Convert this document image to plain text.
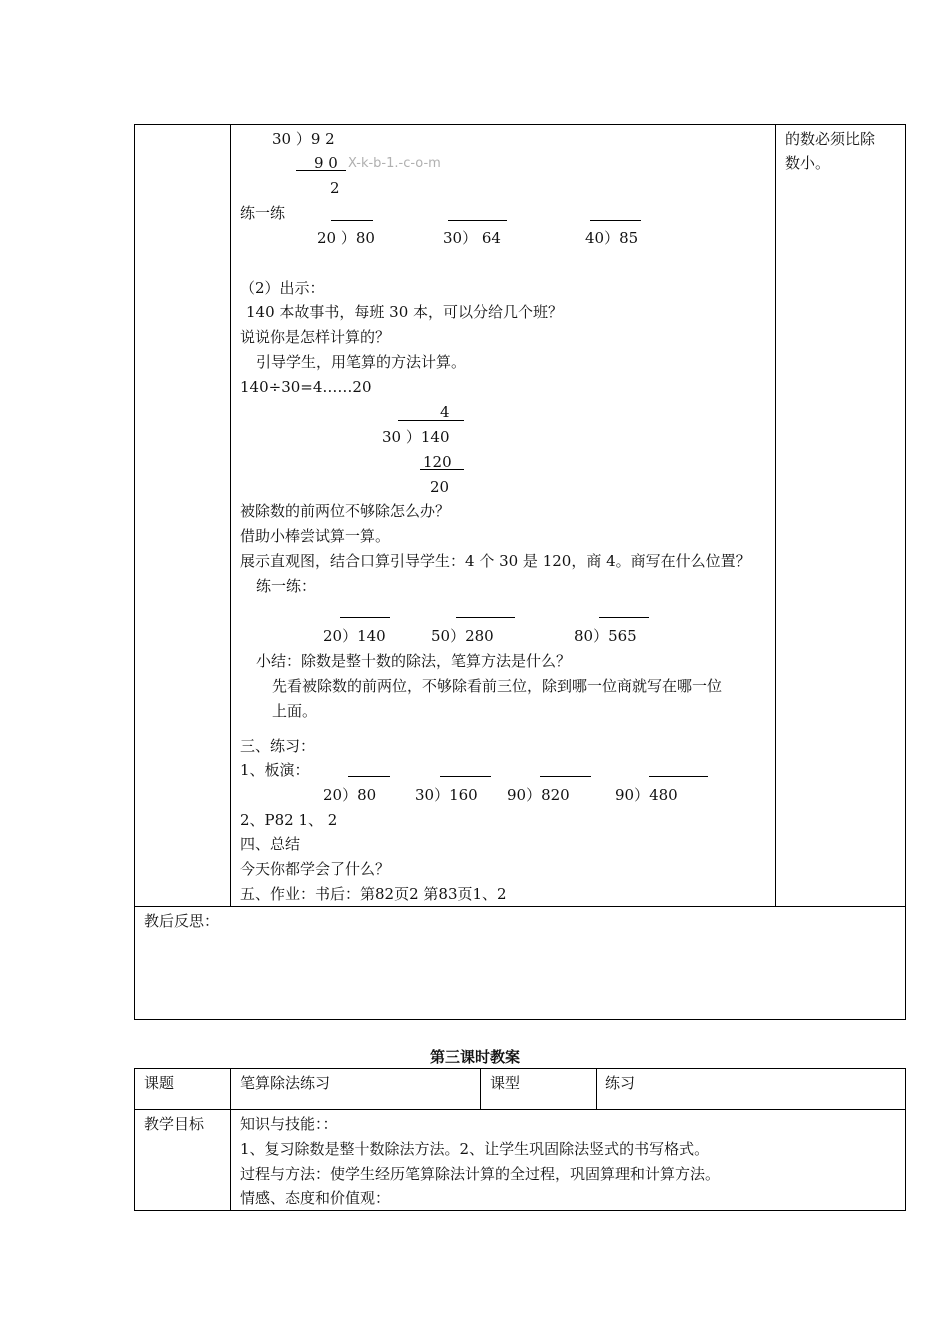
的数必须比除
数小。
30 ）9 2
9 0 X-k-b-1.-c-o-m
2
练一练
20 ）80	30） 64	40）85
（2）出示：
140 本故事书，每班 30 本，可以分给几个班？
说说你是怎样计算的？
引导学生，用笔算的方法计算。
140÷30=4……20
4
30 ）140
120
20
被除数的前两位不够除怎么办？
借助小棒尝试算一算。
展示直观图，结合口算引导学生：4 个 30 是 120，商 4。商写在什么位置？
练一练：
20）140	50）280	80）565
小结：除数是整十数的除法，笔算方法是什么？
先看被除数的前两位，不够除看前三位，除到哪一位商就写在哪一位
上面。
三、练习：
1、板演：
20）80	30）160 90）820	90）480
2、P82 1、 2
四、总结
今天你都学会了什么？
五、作业：书后：第82页2 第83页1、2
教后反思：
第三课时教案
课题	笔算除法练习	课型	练习
教学目标 知识与技能：：
1、复习除数是整十数除法方法。2、让学生巩固除法竖式的书写格式。
过程与方法：使学生经历笔算除法计算的全过程，巩固算理和计算方法。
情感、态度和价值观：
